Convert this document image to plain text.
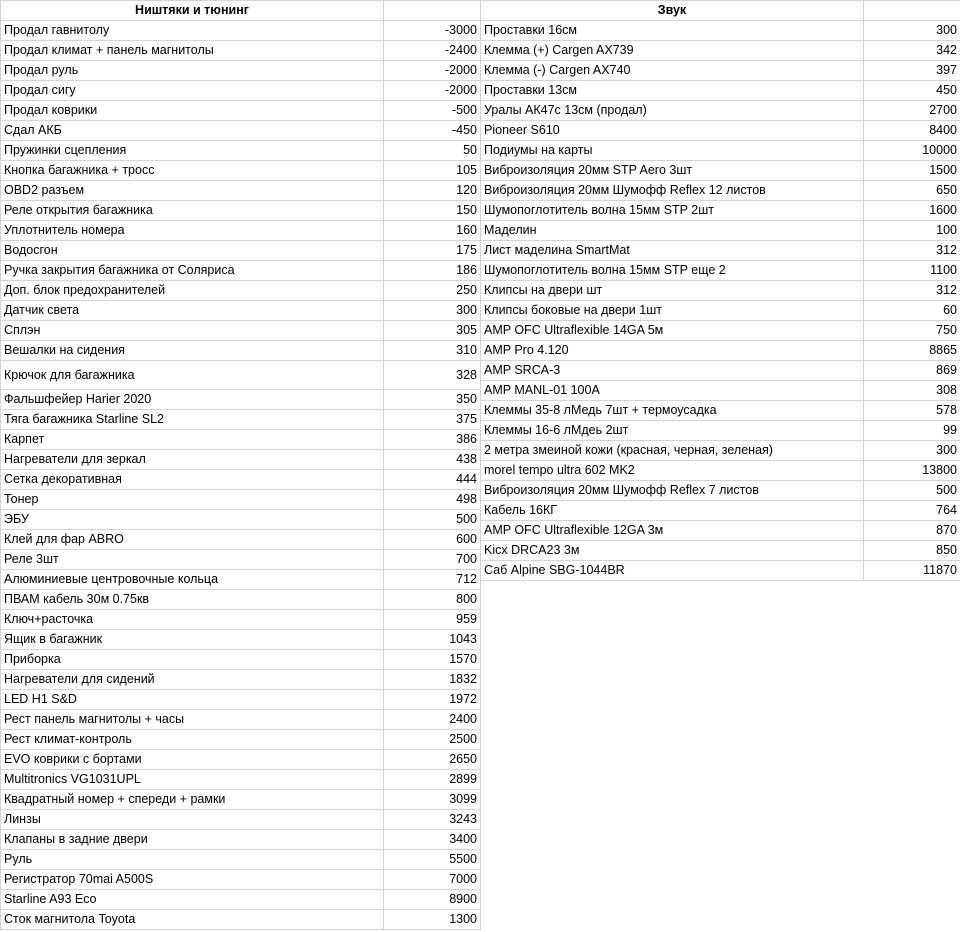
Ништяки и тюнинг	
Продал гавнитолу	-3000
Продал климат + панель магнитолы	-2400
Продал руль	-2000
Продал сигу	-2000
Продал коврики	-500
Сдал АКБ	-450
Пружинки сцепления	50
Кнопка багажника + тросс	105
OBD2 разъем	120
Реле открытия багажника	150
Уплотнитель номера	160
Водосгон	175
Ручка закрытия багажника от Соляриса	186
Доп. блок предохранителей	250
Датчик света	300
Сплэн	305
Вешалки на сидения	310
Крючок для багажника	328
Фальшфейер Harier 2020	350
Тяга багажника Starline SL2	375
Карпет	386
Нагреватели для зеркал	438
Сетка декоративная	444
Тонер	498
ЭБУ	500
Клей для фар ABRO	600
Реле 3шт	700
Алюминиевые центровочные кольца	712
ПВАМ кабель 30м 0.75кв	800
Ключ+расточка	959
Ящик в багажник	1043
Приборка	1570
Нагреватели для сидений	1832
LED H1 S&D	1972
Рест панель магнитолы + часы	2400
Рест климат-контроль	2500
EVO коврики с бортами	2650
Multitronics VG1031UPL	2899
Квадратный номер + спереди + рамки	3099
Линзы	3243
Клапаны в задние двери	3400
Руль	5500
Регистратор 70mai A500S	7000
Starline A93 Eco	8900
Сток магнитола Toyota	1300
Звук	
Проставки 16см	300
Клемма (+) Cargen AX739	342
Клемма (-) Cargen AX740	397
Проставки 13см	450
Уралы АК47с 13см (продал)	2700
Pioneer S610	8400
Подиумы на карты	10000
Виброизоляция 20мм STP Aero 3шт	1500
Виброизоляция 20мм Шумофф Reflex 12 листов	650
Шумопоглотитель волна 15мм STP 2шт	1600
Маделин	100
Лист маделина SmartMat	312
Шумопоглотитель волна 15мм STP еще 2	1100
Клипсы на двери шт	312
Клипсы боковые на двери 1шт	60
AMP OFC Ultraflexible 14GA 5м	750
AMP Pro 4.120	8865
AMP SRCA-3	869
AMP MANL-01 100A	308
Клеммы 35-8 лМедь 7шт + термоусадка	578
Клеммы 16-6 лМдеь 2шт	99
2 метра змеиной кожи (красная, черная, зеленая)	300
morel tempo ultra 602 MK2	13800
Виброизоляция 20мм Шумофф Reflex 7 листов	500
Кабель 16КГ	764
AMP OFC Ultraflexible 12GA 3м	870
Kicx DRCA23 3м	850
Саб Alpine SBG-1044BR	11870
